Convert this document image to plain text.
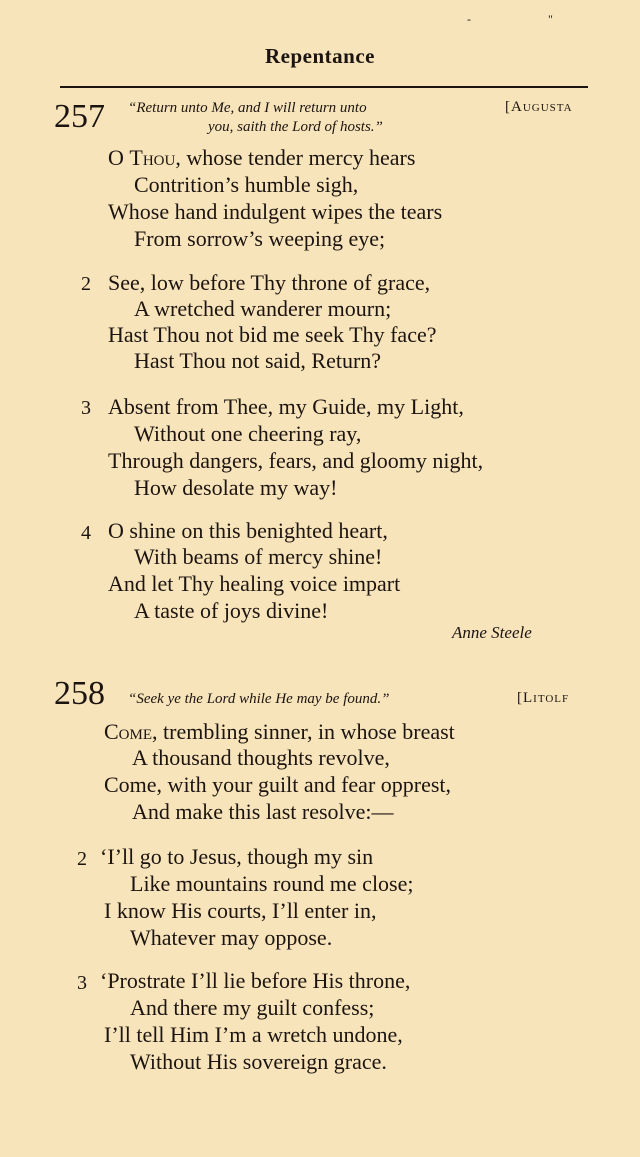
-	"
Repentance
257 “Return unto Me, and I will return unto
you, saith the Lord of hosts.”
[Augusta
O Thou, whose tender mercy hears
Contrition’s humble sigh,
Whose hand indulgent wipes the tears
From sorrow’s weeping eye;
2 See, low before Thy throne of grace,
A wretched wanderer mourn;
Hast Thou not bid me seek Thy face?
Hast Thou not said, Return?
3 Absent from Thee, my Guide, my Light,
Without one cheering ray,
Through dangers, fears, and gloomy night,
How desolate my way!
4 O shine on this benighted heart,
With beams of mercy shine!
And let Thy healing voice impart
A taste of joys divine!
Anne Steele
258 “Seek ye the Lord while He may be found.”	[Litolf
Come, trembling sinner, in whose breast
A thousand thoughts revolve,
Come, with your guilt and fear opprest,
And make this last resolve:—
2 ‘I’ll go to Jesus, though my sin
Like mountains round me close;
I know His courts, I’ll enter in,
Whatever may oppose.
3 ‘Prostrate I’ll lie before His throne,
And there my guilt confess;
I’ll tell Him I’m a wretch undone,
Without His sovereign grace.
